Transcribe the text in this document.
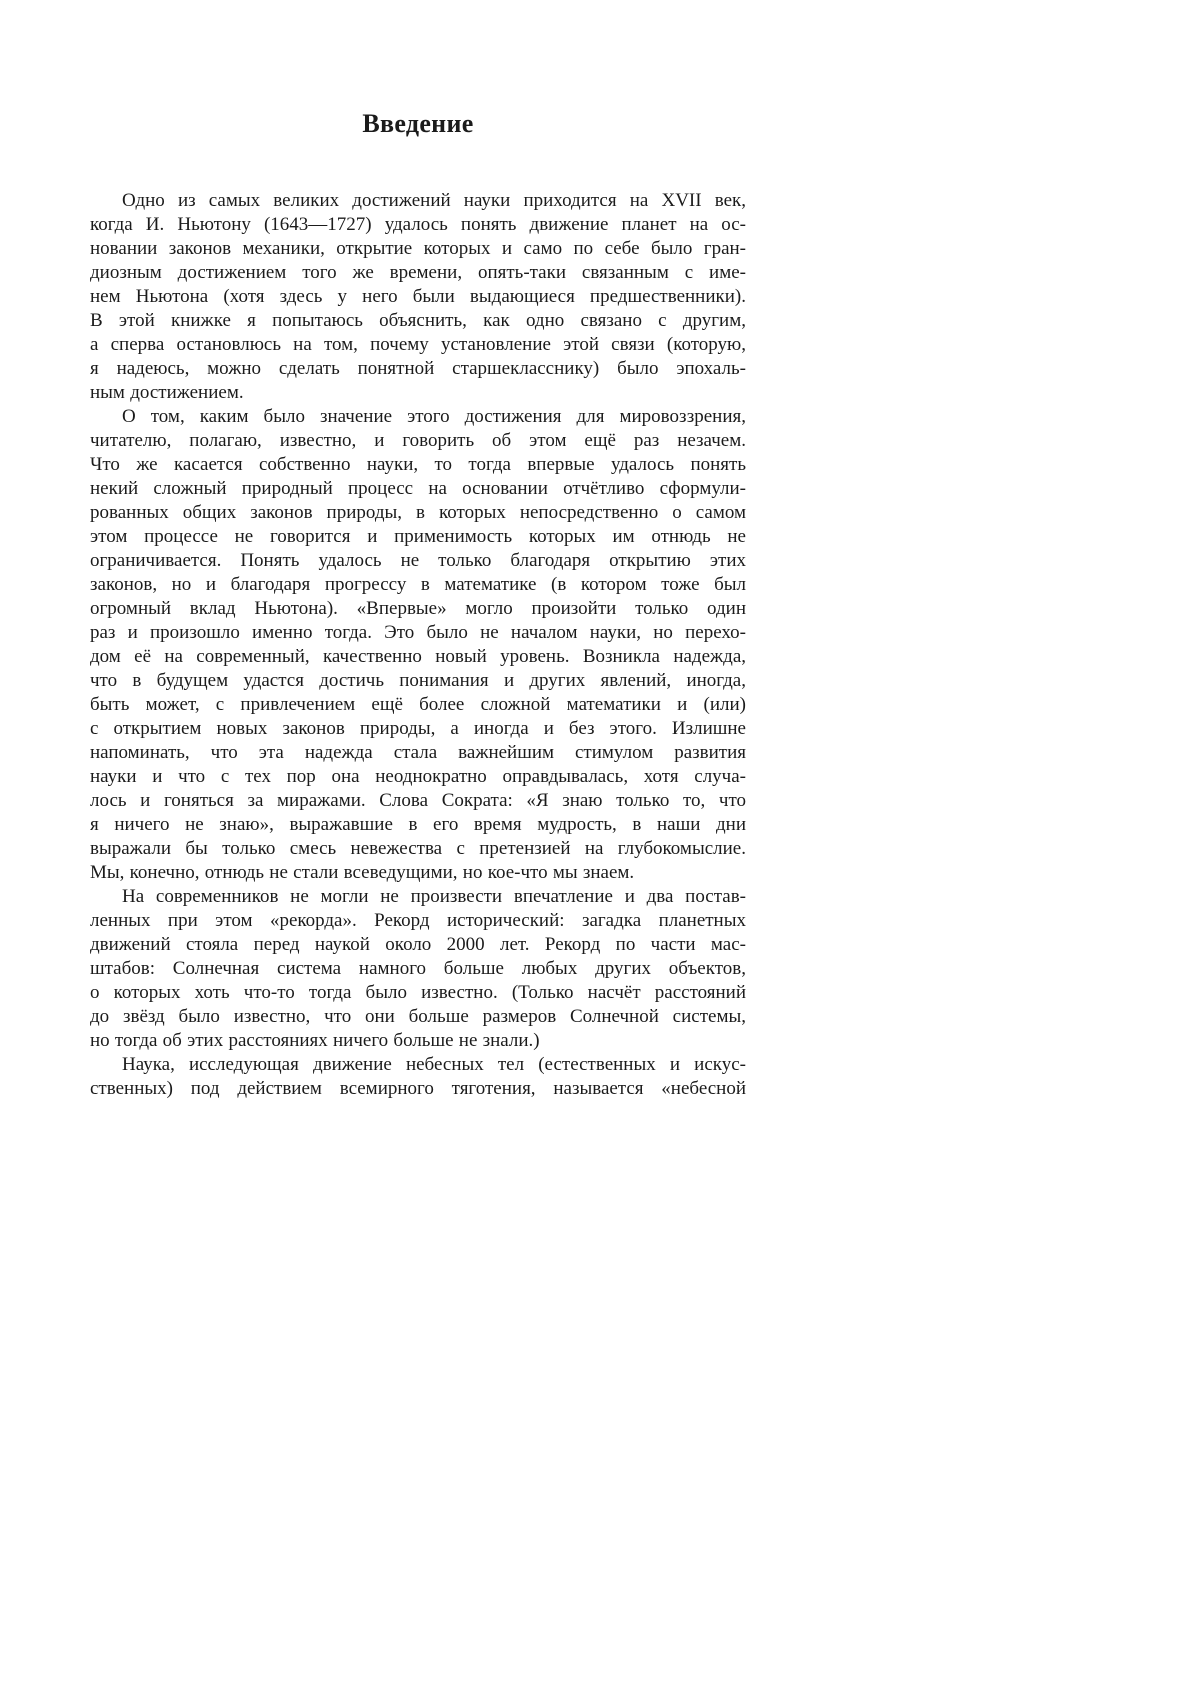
Введение

Одно из самых великих достижений науки приходится на XVII век,
когда И. Ньютону (1643—1727) удалось понять движение планет на ос-
новании законов механики, открытие которых и само по себе было гран-
диозным достижением того же времени, опять-таки связанным с име-
нем Ньютона (хотя здесь у него были выдающиеся предшественники).
В этой книжке я попытаюсь объяснить, как одно связано с другим,
а сперва остановлюсь на том, почему установление этой связи (которую,
я надеюсь, можно сделать понятной старшекласснику) было эпохаль-
ным достижением.

О том, каким было значение этого достижения для мировоззрения,
читателю, полагаю, известно, и говорить об этом ещё раз незачем.
Что же касается собственно науки, то тогда впервые удалось понять
некий сложный природный процесс на основании отчётливо сформули-
рованных общих законов природы, в которых непосредственно о самом
этом процессе не говорится и применимость которых им отнюдь не
ограничивается. Понять удалось не только благодаря открытию этих
законов, но и благодаря прогрессу в математике (в котором тоже был
огромный вклад Ньютона). «Впервые» могло произойти только один
раз и произошло именно тогда. Это было не началом науки, но перехо-
дом её на современный, качественно новый уровень. Возникла надежда,
что в будущем удастся достичь понимания и других явлений, иногда,
быть может, с привлечением ещё более сложной математики и (или)
с открытием новых законов природы, а иногда и без этого. Излишне
напоминать, что эта надежда стала важнейшим стимулом развития
науки и что с тех пор она неоднократно оправдывалась, хотя случа-
лось и гоняться за миражами. Слова Сократа: «Я знаю только то, что
я ничего не знаю», выражавшие в его время мудрость, в наши дни
выражали бы только смесь невежества с претензией на глубокомыслие.
Мы, конечно, отнюдь не стали всеведущими, но кое-что мы знаем.

На современников не могли не произвести впечатление и два постав-
ленных при этом «рекорда». Рекорд исторический: загадка планетных
движений стояла перед наукой около 2000 лет. Рекорд по части мас-
штабов: Солнечная система намного больше любых других объектов,
о которых хоть что-то тогда было известно. (Только насчёт расстояний
до звёзд было известно, что они больше размеров Солнечной системы,
но тогда об этих расстояниях ничего больше не знали.)

Наука, исследующая движение небесных тел (естественных и искус-
ственных) под действием всемирного тяготения, называется «небесной
